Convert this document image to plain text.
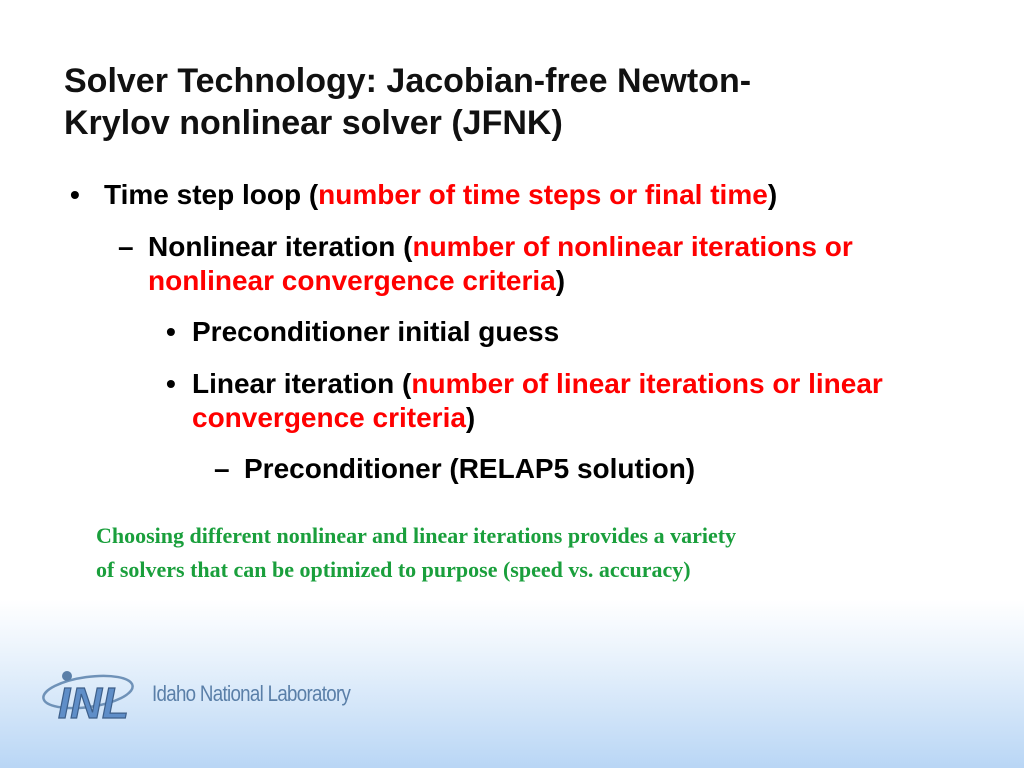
Solver Technology: Jacobian-free Newton-
Krylov nonlinear solver (JFNK)
• Time step loop (number of time steps or final time)
– Nonlinear iteration (number of nonlinear iterations or nonlinear convergence criteria)
• Preconditioner initial guess
• Linear iteration (number of linear iterations or linear convergence criteria)
– Preconditioner (RELAP5 solution)
Choosing different nonlinear and linear iterations provides a variety
of solvers that can be optimized to purpose (speed vs. accuracy)
INL Idaho National Laboratory
